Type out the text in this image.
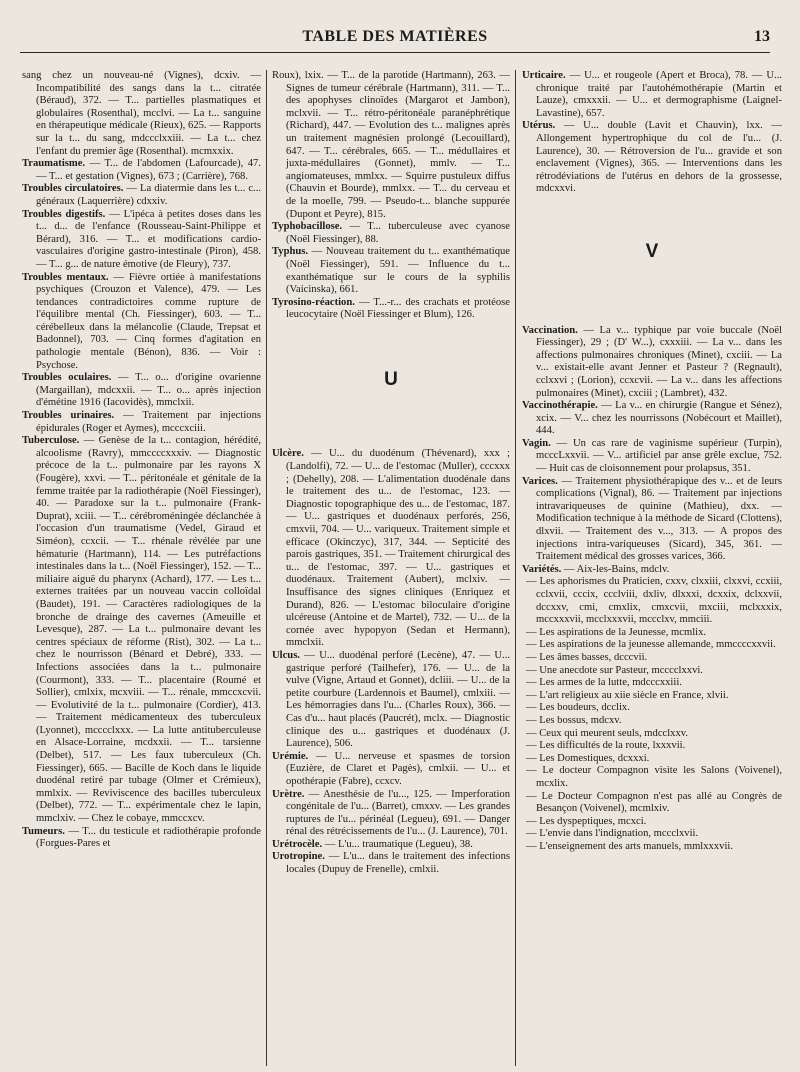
TABLE DES MATIÈRES	13

sang chez un nouveau-né (Vignes), dcxiv. — Incompatibilité des sangs dans la t... citratée (Béraud), 372. — T... partielles plasmatiques et globulaires (Rosenthal), mcclvi. — La t... sanguine en thérapeutique médicale (Rieux), 625. — Rapports sur la t... du sang, mdccclxxiii. — La t... chez l'enfant du premier âge (Rosenthal). mcmxxix.

Traumatisme. — T... de l'abdomen (Lafourcade), 47. — T... et gestation (Vignes), 673 ; (Carrière), 768.

Troubles circulatoires. — La diatermie dans les t... c... généraux (Laquerrière) cdxxiv.

Troubles digestifs. — L'ipéca à petites doses dans les t... d... de l'enfance (Rousseau-Saint-Philippe et Bérard), 316. — T... et modifications cardio-vasculaires d'origine gastro-intestinale (Piron), 458. — T... g... de nature émotive (de Fleury), 737.

Troubles mentaux. — Fièvre ortiée à manifestations psychiques (Crouzon et Valence), 479. — Les tendances contradictoires comme rupture de l'équilibre mental (Ch. Fiessinger), 603. — T... cérébelleux dans la mélancolie (Claude, Trepsat et Badonnel), 703. — Cinq formes d'agitation en pathologie mentale (Bénon), 836. — Voir : Psychose.

Troubles oculaires. — T... o... d'origine ovarienne (Margaillan), mdcxxii. — T... o... après injection d'émétine 1916 (Iacovidès), mmclxii.

Troubles urinaires. — Traitement par injections épidurales (Roger et Aymes), mcccxciii.

Tuberculose. — Genèse de la t... contagion, hérédité, alcoolisme (Ravry), mmccccxxxiv. — Diagnostic précoce de la t... pulmonaire par les rayons X (Fougère), xxvi. — T... péritonéale et génitale de la femme traitée par la radiothérapie (Noël Fiessinger), 40. — Paradoxe sur la t... pulmonaire (Frank-Duprat), xciii. — T... cérébroméningée déclanchée à l'occasion d'un traumatisme (Vedel, Giraud et Siméon), ccxcii. — T... rhénale révélée par une hématurie (Hartmann), 114. — Les putréfactions intestinales dans la t... (Noël Fiessinger), 152. — T... miliaire aiguë du pharynx (Achard), 177. — Les t... externes traitées par un nouveau vaccin colloïdal (Baudet), 191. — Caractères radiologiques de la bronche de drainge des cavernes (Ameuille et Levesque), 287. — La t... pulmonaire devant les centres spéciaux de réforme (Rist), 302. — La t... chez le nourrisson (Bénard et Debré), 333. — Infections associées dans la t... pulmonaire (Courmont), 333. — T... placentaire (Roumé et Sollier), cmlxix, mcxviii. — T... rénale, mmccxcvii. — Evolutivité de la t... pulmonaire (Cordier), 413. — Traitement médicamenteux des tuberculeux (Lyonnet), mcccclxxx. — La lutte antituberculeuse en Alsace-Lorraine, mcdxxii. — T... tarsienne (Delbet), 517. — Les faux tuberculeux (Ch. Fiessinger), 665. — Bacille de Koch dans le liquide duodénal retiré par tubage (Olmer et Crémieux), mmlxix. — Reviviscence des bacilles tuberculeux (Delbet), 772. — T... expérimentale chez le lapin, mmclxiv. — Chez le cobaye, mmccxcv.

Tumeurs. — T... du testicule et radiothérapie profonde (Forgues-Pares et

Roux), lxix. — T... de la parotide (Hartmann), 263. — Signes de tumeur cérébrale (Hartmann), 311. — T... des apophyses clinoïdes (Margarot et Jambon), mclxvii. — T... rétro-péritonéale paranéphrétique (Richard), 447. — Evolution des t... malignes après un traitement magnésien prolongé (Lecouillard), 647. — T... cérébrales, 665. — T... médullaires et juxta-médullaires (Gonnet), mmlv. — T... angiomateuses, mmlxx. — Squirre pustuleux diffus (Chauvin et Bourde), mmlxx. — T... du cerveau et de la moelle, 799. — Pseudo-t... blanche suppurée (Dupont et Peyre), 815.

Typhobacillose. — T... tuberculeuse avec cyanose (Noël Fiessinger), 88.

Typhus. — Nouveau traitement du t... exanthématique (Noël Fiessinger), 591. — Influence du t... exanthématique sur le cours de la syphilis (Vaicinska), 661.

Tyrosino-réaction. — T...-r... des crachats et protéose leucocytaire (Noël Fiessinger et Blum), 126.

U

Ulcère. — U... du duodénum (Thévenard), xxx ; (Landolfi), 72. — U... de l'estomac (Muller), cccxxx ; (Dehelly), 208. — L'alimentation duodénale dans le traitement des u... de l'estomac, 123. — Diagnostic topographique des u... de l'estomac, 187. — U... gastriques et duodénaux perforés, 256, cmxvii, 704. — U... variqueux. Traitement simple et efficace (Okinczyc), 317, 344. — Septicité des parois gastriques, 351. — Traitement chirurgical des u... de l'estomac, 397. — U... gastriques et duodénaux. Traitement (Aubert), mclxiv. — Insuffisance des signes cliniques (Enriquez et Durand), 826. — L'estomac biloculaire d'origine ulcéreuse (Antoine et de Martel), 732. — U... de la cornée avec hypopyon (Sedan et Hermann), mmclxii.

Ulcus. — U... duodénal perforé (Lecène), 47. — U... gastrique perforé (Tailhefer), 176. — U... de la vulve (Vigne, Artaud et Gonnet), dcliii. — U... de la petite courbure (Lardennois et Baumel), cmlxiii. — Les hémorragies dans l'u... (Charles Roux), 366. — Cas d'u... haut placés (Paucrét), mclx. — Diagnostic clinique des u... gastriques et duodénaux (J. Laurence), 506.

Urémie. — U... nerveuse et spasmes de torsion (Euzière, de Claret et Pagès), cmlxii. — U... et opothérapie (Fabre), ccxcv.

Urètre. — Anesthésie de l'u..., 125. — Imperforation congénitale de l'u... (Barret), cmxxv. — Les grandes ruptures de l'u... périnéal (Legueu), 691. — Danger rénal des rétrécissements de l'u... (J. Laurence), 701.

Urétrocèle. — L'u... traumatique (Legueu), 38.

Urotropine. — L'u... dans le traitement des infections locales (Dupuy de Frenelle), cmlxii.

Urticaire. — U... et rougeole (Apert et Broca), 78. — U... chronique traité par l'autohémothérapie (Martin et Lauze), cmxxxii. — U... et dermographisme (Laignel-Lavastine), 657.

Utérus. — U... double (Lavit et Chauvin), lxx. — Allongement hypertrophique du col de l'u... (J. Laurence), 30. — Rétroversion de l'u... gravide et son enclavement (Vignes), 365. — Interventions dans les rétrodéviations de l'utérus en dehors de la grossesse, mdcxxvi.

V

Vaccination. — La v... typhique par voie buccale (Noël Fiessinger), 29 ; (D' W...), cxxxiii. — La v... dans les affections pulmonaires chroniques (Minet), cxciii. — La v... existait-elle avant Jenner et Pasteur ? (Regnault), cclxxvi ; (Lorion), ccxcvii. — La v... dans les affections pulmonaires (Minet), cxciii ; (Lambret), 432.

Vaccinothérapie. — La v... en chirurgie (Rangue et Sénez), xcix. — V... chez les nourrissons (Nobécourt et Maillet), 444.

Vagin. — Un cas rare de vaginisme supérieur (Turpin), mcccLxxvii. — V... artificiel par anse grêle exclue, 752. — Huit cas de cloisonnement pour prolapsus, 351.

Varices. — Traitement physiothérapique des v... et de leurs complications (Vignal), 86. — Traitement par injections intravariqueuses de quinine (Mathieu), dxx. — Modification technique à la méthode de Sicard (Clottens), dlxvii. — Traitement des v..., 313. — A propos des injections intra-variqueuses (Sicard), 345, 361. — Traitement médical des grosses varices, 366.

Variétés. — Aix-les-Bains, mdclv.

— Les aphorismes du Praticien, cxxv, clxxiii, clxxvi, ccxiii, cclxvii, cccix, ccclviii, dxliv, dlxxxi, dcxxix, dclxxvii, dccxxv, cmi, cmxlix, cmxcvii, mxciii, mclxxxix, mccxxxvii, mcclxxxvii, mccclxv, mmciii.

— Les aspirations de la Jeunesse, mcmlix.

— Les aspirations de la jeunesse allemande, mmccccxxvii.

— Les âmes basses, dcccvii.

— Une anecdote sur Pasteur, mcccclxxvi.

— Les armes de la lutte, mdcccxxiii.

— L'art religieux au xiie siècle en France, xlvii.

— Les boudeurs, dcclix.

— Les bossus, mdcxv.

— Ceux qui meurent seuls, mdcclxxv.

— Les difficultés de la route, lxxxvii.

— Les Domestiques, dcxxxi.

— Le docteur Compagnon visite les Salons (Voivenel), mcxlix.

— Le Docteur Compagnon n'est pas allé au Congrès de Besançon (Voivenel), mcmlxiv.

— Les dyspeptiques, mcxci.

— L'envie dans l'indignation, mccclxvii.

— L'enseignement des arts manuels, mmlxxxvii.
